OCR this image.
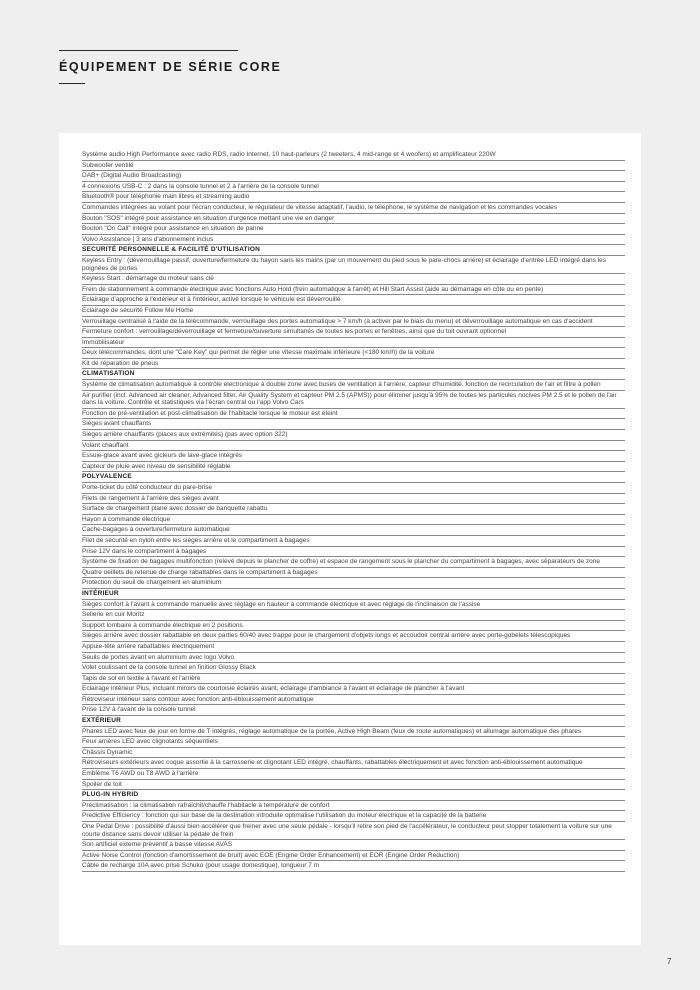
ÉQUIPEMENT DE SÉRIE CORE
Système audio High Performance avec radio RDS, radio Internet, 10 haut-parleurs (2 tweeters, 4 mid-range et 4 woofers) et amplificateur 220W
Subwoofer ventilé
DAB+ (Digital Audio Broadcasting)
4 connexions USB-C : 2 dans la console tunnel et 2 à l'arrière de la console tunnel
Bluetooth® pour téléphonie main libres et streaming audio
Commandes intégrées au volant pour l'écran conducteur, le régulateur de vitesse adaptatif, l'audio, le téléphone, le système de navigation et les commandes vocales
Bouton "SOS" intégré pour assistance en situation d'urgence mettant une vie en danger
Bouton "On Call" intégré pour assistance en situation de panne
Volvo Assistance | 3 ans d'abonnement inclus
SECURITÉ PERSONNELLE & FACILITÉ D'UTILISATION
Keyless Entry : (déverrouillage passif, ouverture/fermeture du hayon sans les mains (par un mouvement du pied sous le pare-chocs arrière) et éclairage d'entrée LED intégré dans les poignées de portes
Keyless Start : démarrage du moteur sans clé
Frein de stationnement à commande électrique avec fonctions Auto Hold (frein automatique à l'arrêt) et Hill Start Assist (aide au démarrage en côte ou en pente)
Eclairage d'approche à l'extérieur et à l'intérieur, activé lorsque le véhicule est déverrouillé
Eclairage de sécurité Follow Me Home
Verrouillage centralisé à l'aide de la télécommande, verrouillage des portes automatique > 7 km/h (à activer par le biais du menu) et déverrouillage automatique en cas d'accident
Fermeture confort : verrouillage/déverrouillage et fermeture/ouverture simultanés de toutes les portes et fenêtres, ainsi que du toit ouvrant optionnel
Immobilisateur
Deux télécommandes, dont une "Care Key" qui permet de régler une vitesse maximale inférieure (<180 km/h) de la voiture
Kit de réparation de pneus
CLIMATISATION
Système de climatisation automatique à contrôle électronique à double zone avec buses de ventilation à l'arrière, capteur d'humidité, fonction de recirculation de l'air et filtre à pollen
Air purifier (incl. Advanced air cleaner, Advanced filter, Air Quality System et capteur PM 2.5 (APMS)) pour éliminer jusqu'à 95% de toutes les particules nocives PM 2.5 et le pollen de l'air dans la voiture. Contrôle et statistiques via l'écran central ou l'app Volvo Cars
Fonction de pré-ventilation et post-climatisation de l'habitacle lorsque le moteur est éteint
Sièges avant chauffants
Sièges arrière chauffants (places aux extrémités) (pas avec option 322)
Volant chauffant
Essuie-glace avant avec gicleurs de lave-glace intégrés
Capteur de pluie avec niveau de sensibilité réglable
POLYVALENCE
Porte-ticket du côté conducteur du pare-brise
Filets de rangement à l'arrière des sièges avant
Surface de chargement plane avec dossier de banquette rabattu
Hayon à commande électrique
Cache-bagages à ouverture/fermeture automatique
Filet de sécurité en nylon entre les sièges arrière et le compartiment à bagages
Prise 12V dans le compartiment à bagages
Système de fixation de bagages multifonction (relevé depuis le plancher de coffre) et espace de rangement sous le plancher du compartiment à bagages, avec séparateurs de zone
Quatre oeillets de retenue de charge rabattables dans le compartiment à bagages
Protection du seuil de chargement en aluminium
INTÉRIEUR
Sièges confort à l'avant à commande manuelle avec réglage en hauteur à commande électrique et avec réglage de l'inclinaison de l'assise
Sellerie en cuir Moritz
Support lombaire à commande électrique en 2 positions
Sièges arrière avec dossier rabattable en deux parties 60/40 avec trappe pour le chargement d'objets longs et accoudoir central arrière avec porte-gobelets télescopiques
Appuie-tête arrière rabattables électriquement
Seuils de portes avant en aluminium avec logo Volvo
Volet coulissant de la console tunnel en finition Glossy Black
Tapis de sol en textile à l'avant et l'arrière
Eclairage intérieur Plus, incluant miroirs de courtoisie éclairés avant, éclairage d'ambiance à l'avant et éclairage de plancher à l'avant
Rétroviseur intérieur sans contour avec fonction anti-éblouissement automatique
Prise 12V à l'avant de la console tunnel
EXTÉRIEUR
Phares LED avec feux de jour en forme de T intégrés, réglage automatique de la portée, Active High Beam (feux de route automatiques) et allumage automatique des phares
Feux arrières LED avec clignotants séquentiels
Châssis Dynamic
Rétroviseurs extérieurs avec coque assortie à la carrosserie et clignotant LED intégré, chauffants, rabattables électriquement et avec fonction anti-éblouissement automatique
Emblème T6 AWD ou T8 AWD à l'arrière
Spoiler de toit
PLUG-IN HYBRID
Préclimatisation : la climatisation rafraîchit/chauffe l'habitacle à température de confort
Predictive Efficiency : fonction qui sur base de la destination introduite optimalise l'utilisation du moteur électrique et la capacité de la batterie
One Pedal Drive : possibilité d'aussi bien accélérer que freiner avec une seule pédale - lorsqu'il retire son pied de l'accélérateur, le conducteur peut stopper totalement la voiture sur une courte distance sans devoir utiliser la pédale de frein
Son artificiel externe préventif à basse vitesse AVAS
Active Noise Control (fonction d'amortissement de bruit) avec EOE (Engine Order Enhancement) et EOR (Engine Order Reduction)
Câble de recharge 10A avec prise Schuko (pour usage domestique), longueur 7 m
7
